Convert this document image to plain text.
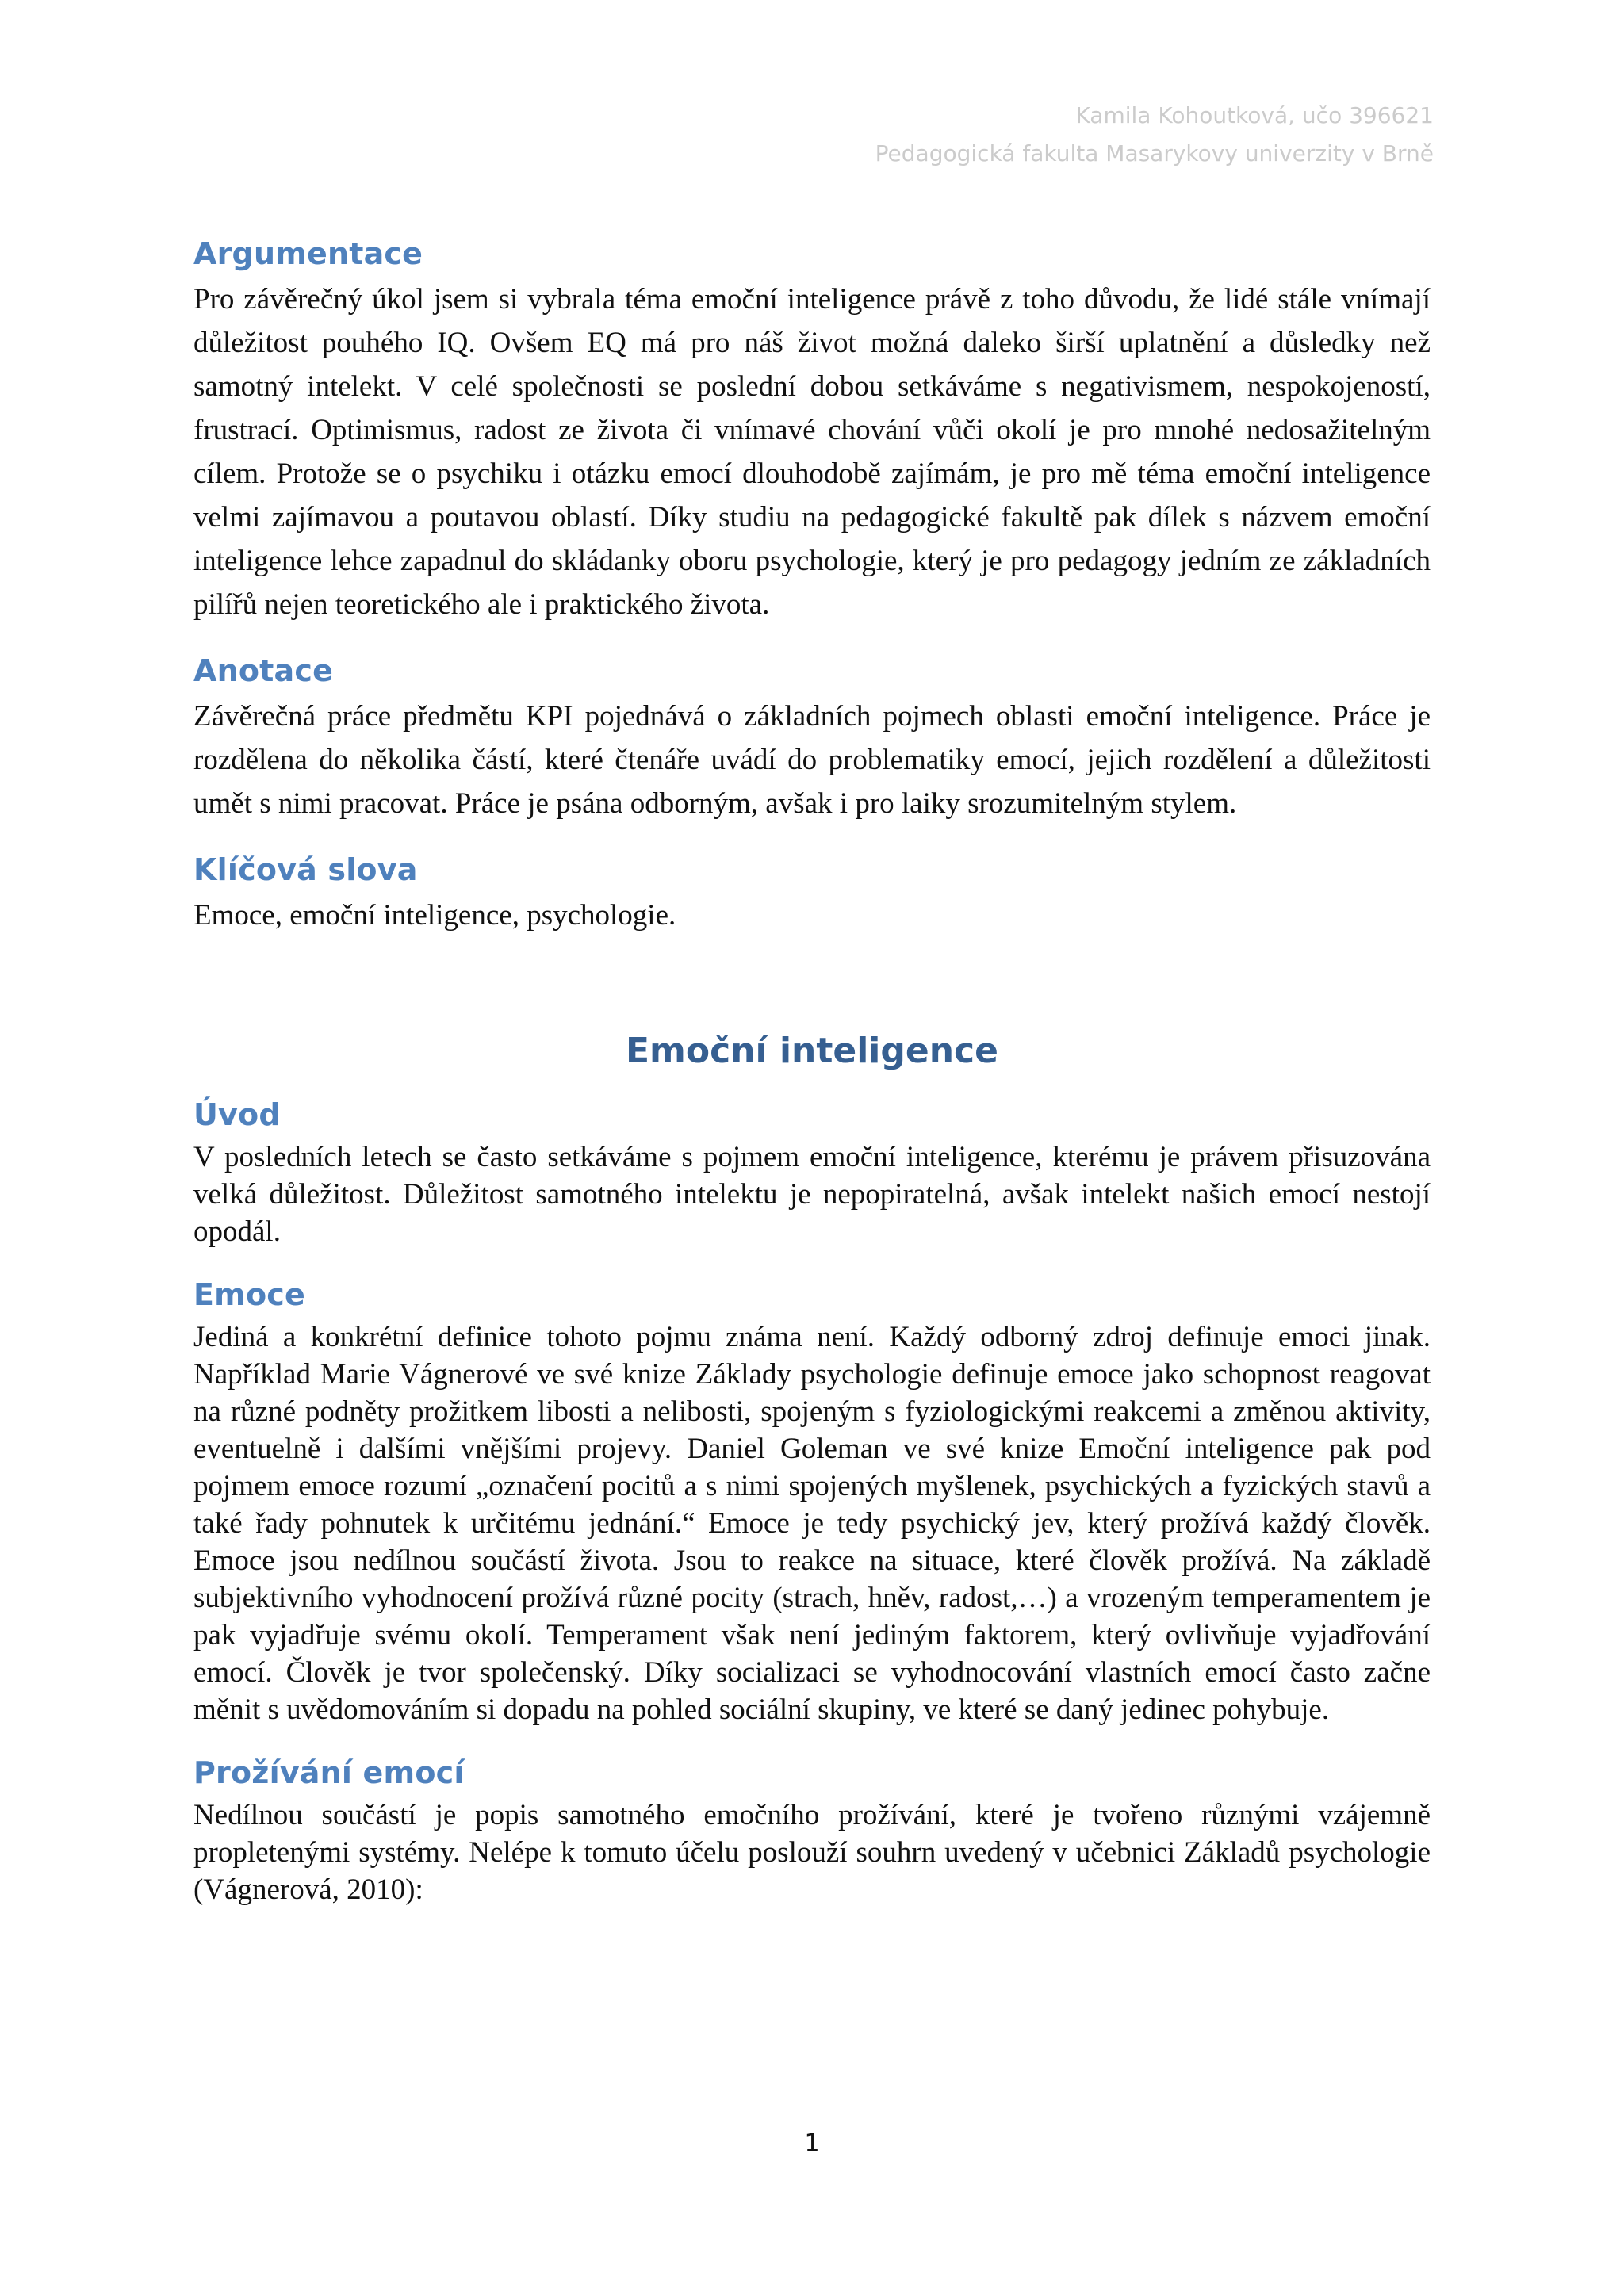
Kamila Kohoutková, učo 396621
Pedagogická fakulta Masarykovy univerzity v Brně
Argumentace

Pro závěrečný úkol jsem si vybrala téma emoční inteligence právě z toho důvodu, že lidé stále vnímají důležitost pouhého IQ. Ovšem EQ má pro náš život možná daleko širší uplatnění a důsledky než samotný intelekt. V celé společnosti se poslední dobou setkáváme s negativismem, nespokojeností, frustrací. Optimismus, radost ze života či vnímavé chování vůči okolí je pro mnohé nedosažitelným cílem. Protože se o psychiku i otázku emocí dlouhodobě zajímám, je pro mě téma emoční inteligence velmi zajímavou a poutavou oblastí. Díky studiu na pedagogické fakultě pak dílek s názvem emoční inteligence lehce zapadnul do skládanky oboru psychologie, který je pro pedagogy jedním ze základních pilířů nejen teoretického ale i praktického života.

Anotace

Závěrečná práce předmětu KPI pojednává o základních pojmech oblasti emoční inteligence. Práce je rozdělena do několika částí, které čtenáře uvádí do problematiky emocí, jejich rozdělení a důležitosti umět s nimi pracovat. Práce je psána odborným, avšak i pro laiky srozumitelným stylem.

Klíčová slova

Emoce, emoční inteligence, psychologie.

Emoční inteligence
Úvod

V posledních letech se často setkáváme s pojmem emoční inteligence, kterému je právem přisuzována velká důležitost. Důležitost samotného intelektu je nepopiratelná, avšak intelekt našich emocí nestojí opodál.

Emoce

Jediná a konkrétní definice tohoto pojmu známa není. Každý odborný zdroj definuje emoci jinak. Například Marie Vágnerové ve své knize Základy psychologie definuje emoce jako schopnost reagovat na různé podněty prožitkem libosti a nelibosti, spojeným s fyziologickými reakcemi a změnou aktivity, eventuelně i dalšími vnějšími projevy. Daniel Goleman ve své knize Emoční inteligence pak pod pojmem emoce rozumí „označení pocitů a s nimi spojených myšlenek, psychických a fyzických stavů a také řady pohnutek k určitému jednání.“ Emoce je tedy psychický jev, který prožívá každý člověk. Emoce jsou nedílnou součástí života. Jsou to reakce na situace, které člověk prožívá. Na základě subjektivního vyhodnocení prožívá různé pocity (strach, hněv, radost,…) a vrozeným temperamentem je pak vyjadřuje svému okolí. Temperament však není jediným faktorem, který ovlivňuje vyjadřování emocí. Člověk je tvor společenský. Díky socializaci se vyhodnocování vlastních emocí často začne měnit s uvědomováním si dopadu na pohled sociální skupiny, ve které se daný jedinec pohybuje.

Prožívání emocí

Nedílnou součástí je popis samotného emočního prožívání, které je tvořeno různými vzájemně propletenými systémy. Nelépe k tomuto účelu poslouží souhrn uvedený v učebnici Základů psychologie (Vágnerová, 2010):

1
